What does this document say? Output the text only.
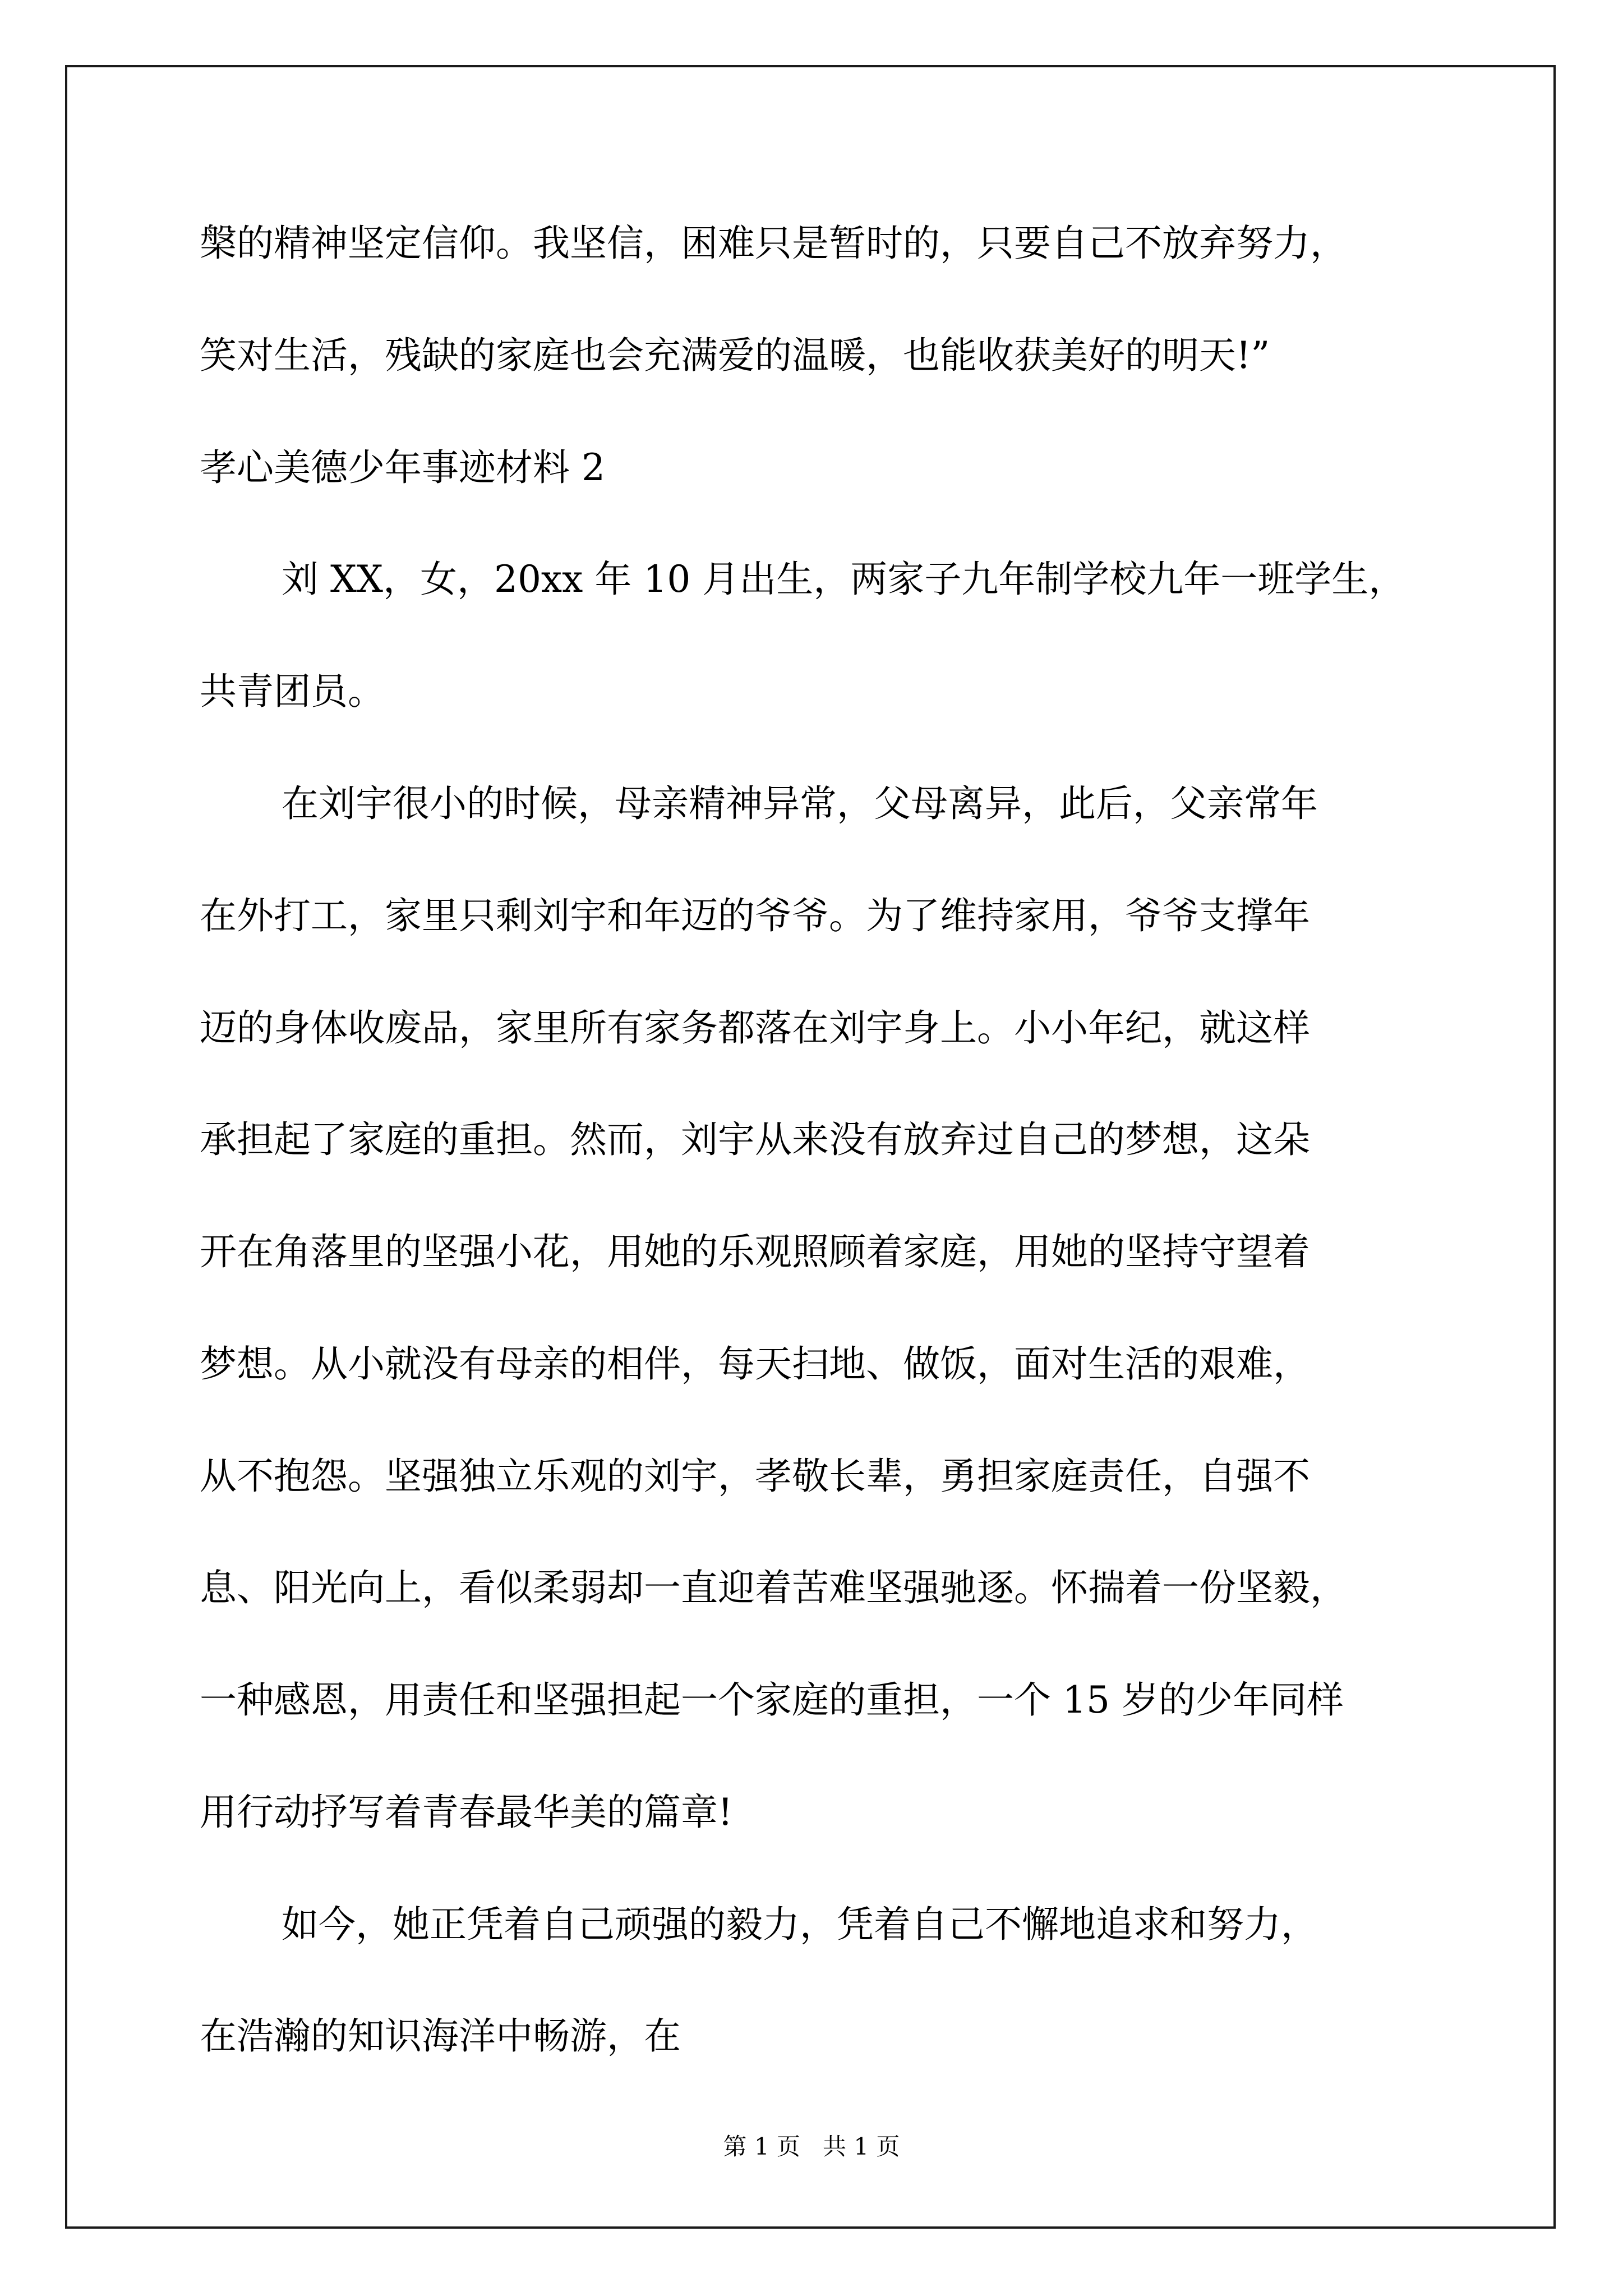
槃的精神坚定信仰。我坚信，困难只是暂时的，只要自己不放弃努力，
笑对生活，残缺的家庭也会充满爱的温暖，也能收获美好的明天!”
孝心美德少年事迹材料 2
刘 XX，女，20xx 年 10 月出生，两家子九年制学校九年一班学生，
共青团员。
在刘宇很小的时候，母亲精神异常，父母离异，此后，父亲常年
在外打工，家里只剩刘宇和年迈的爷爷。为了维持家用，爷爷支撑年
迈的身体收废品，家里所有家务都落在刘宇身上。小小年纪，就这样
承担起了家庭的重担。然而，刘宇从来没有放弃过自己的梦想，这朵
开在角落里的坚强小花，用她的乐观照顾着家庭，用她的坚持守望着
梦想。从小就没有母亲的相伴，每天扫地、做饭，面对生活的艰难，
从不抱怨。坚强独立乐观的刘宇，孝敬长辈，勇担家庭责任，自强不
息、阳光向上，看似柔弱却一直迎着苦难坚强驰逐。怀揣着一份坚毅，
一种感恩，用责任和坚强担起一个家庭的重担，一个 15 岁的少年同样
用行动抒写着青春最华美的篇章!
如今，她正凭着自己顽强的毅力，凭着自己不懈地追求和努力，
在浩瀚的知识海洋中畅游，在
第 1 页   共 1 页
